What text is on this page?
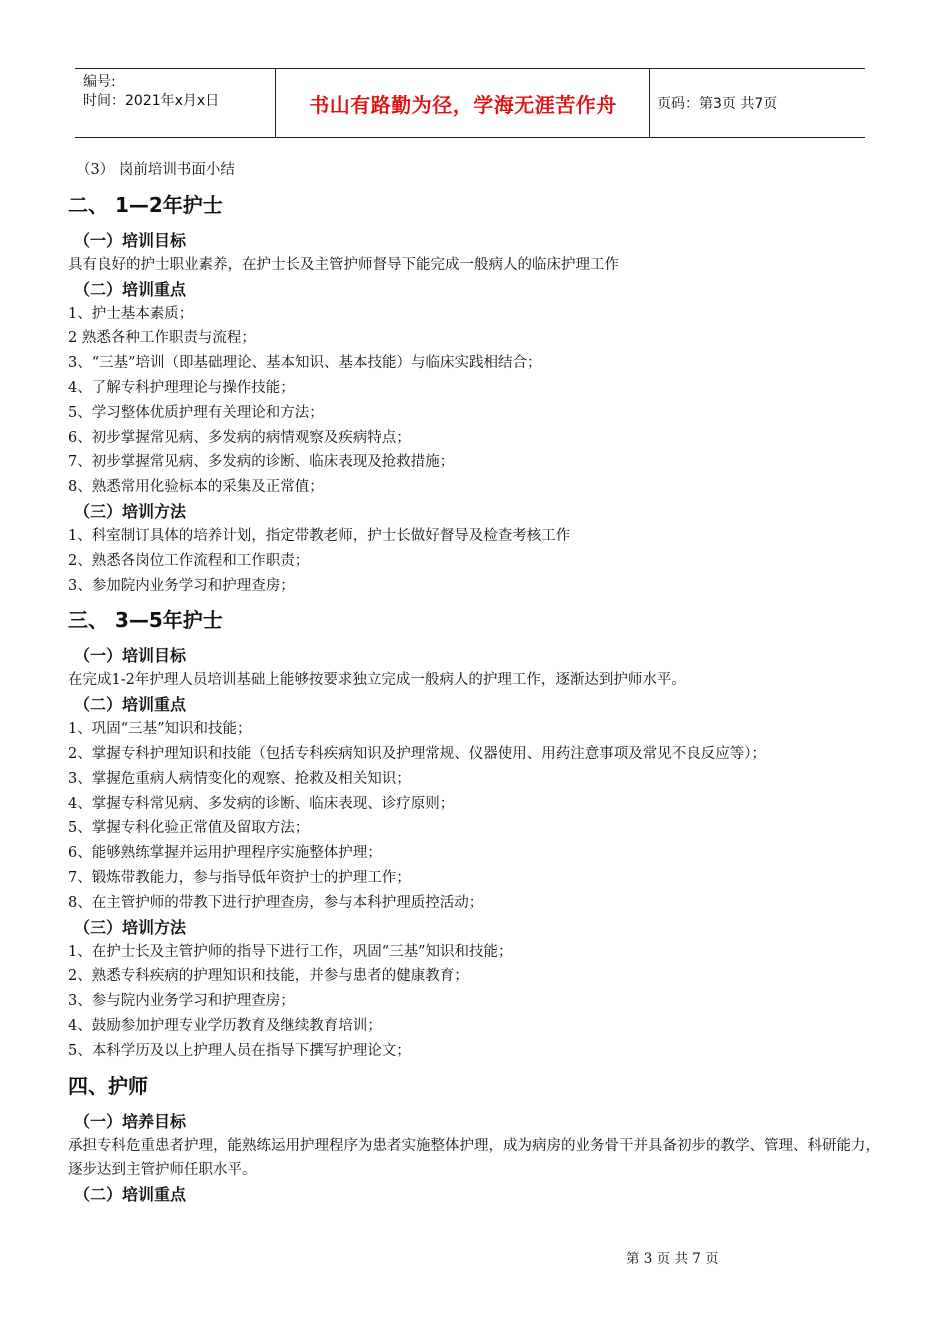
编号:
时间：2021年x月x日	书山有路勤为径，学海无涯苦作舟	页码：第3页 共7页
（3） 岗前培训书面小结
二、 1—2年护士
（一）培训目标
具有良好的护士职业素养，在护士长及主管护师督导下能完成一般病人的临床护理工作
（二）培训重点
1、护士基本素质；
2 熟悉各种工作职责与流程；
3、“三基”培训（即基础理论、基本知识、基本技能）与临床实践相结合；
4、了解专科护理理论与操作技能；
5、学习整体优质护理有关理论和方法；
6、初步掌握常见病、多发病的病情观察及疾病特点；
7、初步掌握常见病、多发病的诊断、临床表现及抢救措施；
8、熟悉常用化验标本的采集及正常值；
（三）培训方法
1、科室制订具体的培养计划，指定带教老师，护士长做好督导及检查考核工作
2、熟悉各岗位工作流程和工作职责；
3、参加院内业务学习和护理查房；
三、 3—5年护士
（一）培训目标
在完成1-2年护理人员培训基础上能够按要求独立完成一般病人的护理工作，逐渐达到护师水平。
（二）培训重点
1、巩固“三基”知识和技能；
2、掌握专科护理知识和技能（包括专科疾病知识及护理常规、仪器使用、用药注意事项及常见不良反应等）；
3、掌握危重病人病情变化的观察、抢救及相关知识；
4、掌握专科常见病、多发病的诊断、临床表现、诊疗原则；
5、掌握专科化验正常值及留取方法；
6、能够熟练掌握并运用护理程序实施整体护理；
7、锻炼带教能力，参与指导低年资护士的护理工作；
8、在主管护师的带教下进行护理查房，参与本科护理质控活动；
（三）培训方法
1、在护士长及主管护师的指导下进行工作，巩固“三基”知识和技能；
2、熟悉专科疾病的护理知识和技能，并参与患者的健康教育；
3、参与院内业务学习和护理查房；
4、鼓励参加护理专业学历教育及继续教育培训；
5、本科学历及以上护理人员在指导下撰写护理论文；
四、护师
（一）培养目标
承担专科危重患者护理，能熟练运用护理程序为患者实施整体护理，成为病房的业务骨干并具备初步的教学、管理、科研能力，逐步达到主管护师任职水平。
（二）培训重点
第 3 页 共 7 页
